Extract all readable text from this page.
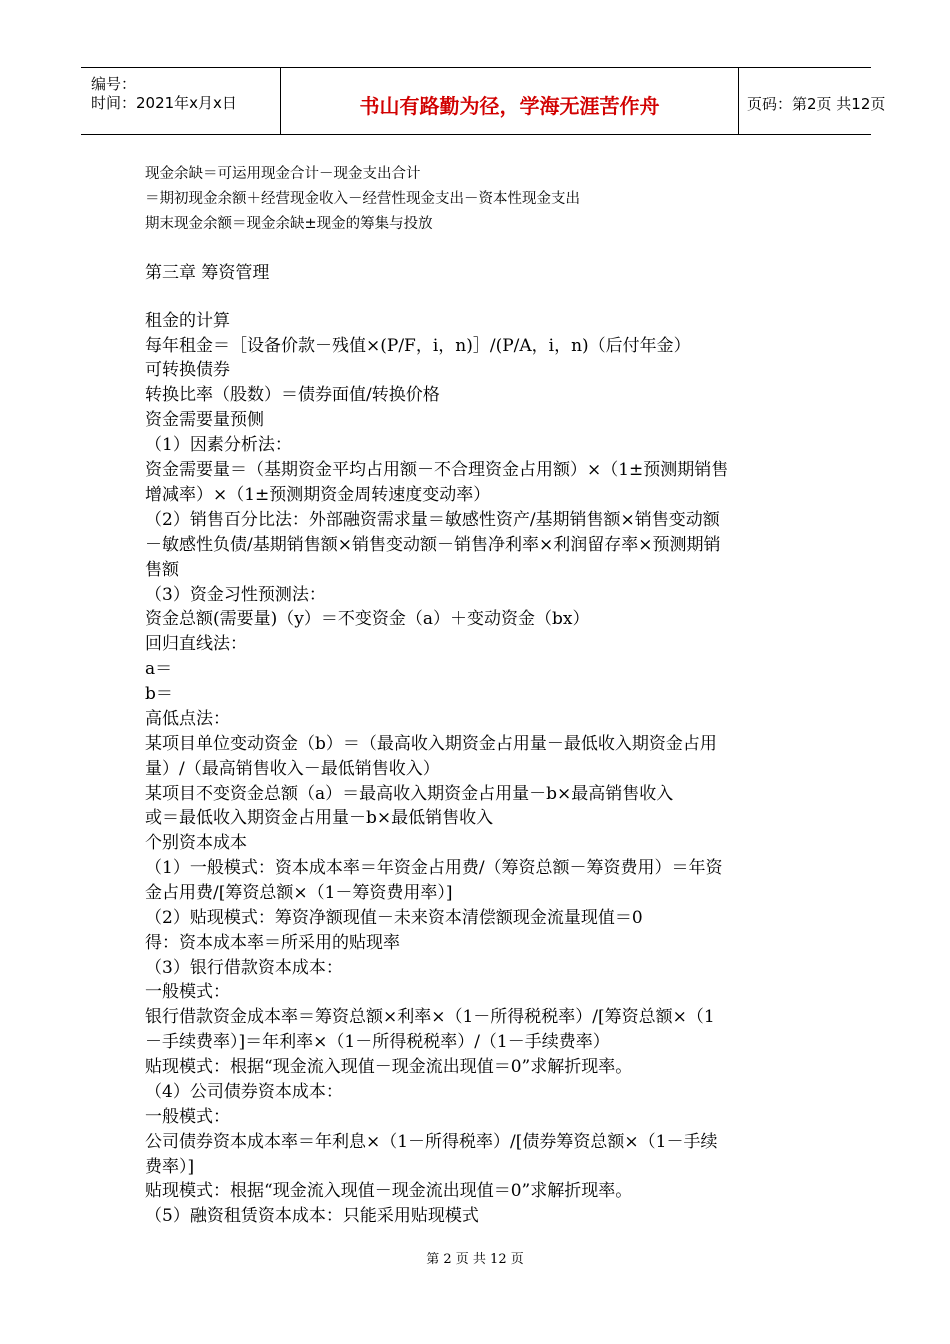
编号：
时间：2021年x月x日	书山有路勤为径，学海无涯苦作舟	页码：第2页 共12页
现金余缺＝可运用现金合计－现金支出合计
＝期初现金余额＋经营现金收入－经营性现金支出－资本性现金支出
期末现金余额＝现金余缺±现金的筹集与投放
第三章 筹资管理
租金的计算
每年租金＝［设备价款－残值×(P/F，i，n)］/(P/A，i，n)（后付年金）
可转换债券
转换比率（股数）＝债券面值/转换价格
资金需要量预侧
（1）因素分析法：
资金需要量＝（基期资金平均占用额－不合理资金占用额）×（1±预测期销售
增减率）×（1±预测期资金周转速度变动率）
（2）销售百分比法：外部融资需求量＝敏感性资产/基期销售额×销售变动额
－敏感性负债/基期销售额×销售变动额－销售净利率×利润留存率×预测期销
售额
（3）资金习性预测法：
资金总额(需要量)（y）＝不变资金（a）＋变动资金（bx）
回归直线法：
a＝
b＝
高低点法：
某项目单位变动资金（b）＝（最高收入期资金占用量－最低收入期资金占用
量）/（最高销售收入－最低销售收入）
某项目不变资金总额（a）＝最高收入期资金占用量－b×最高销售收入
或＝最低收入期资金占用量－b×最低销售收入
个别资本成本
（1）一般模式：资本成本率＝年资金占用费/（筹资总额－筹资费用）＝年资
金占用费/[筹资总额×（1－筹资费用率）]
（2）贴现模式：筹资净额现值－未来资本清偿额现金流量现值＝0
得：资本成本率＝所采用的贴现率
（3）银行借款资本成本：
一般模式：
银行借款资金成本率＝筹资总额×利率×（1－所得税税率）/[筹资总额×（1
－手续费率）]＝年利率×（1－所得税税率）/（1－手续费率）
贴现模式：根据“现金流入现值－现金流出现值＝0”求解折现率。
（4）公司债券资本成本：
一般模式：
公司债券资本成本率＝年利息×（1－所得税率）/[债券筹资总额×（1－手续
费率）]
贴现模式：根据“现金流入现值－现金流出现值＝0”求解折现率。
（5）融资租赁资本成本：只能采用贴现模式
第 2 页 共 12 页
